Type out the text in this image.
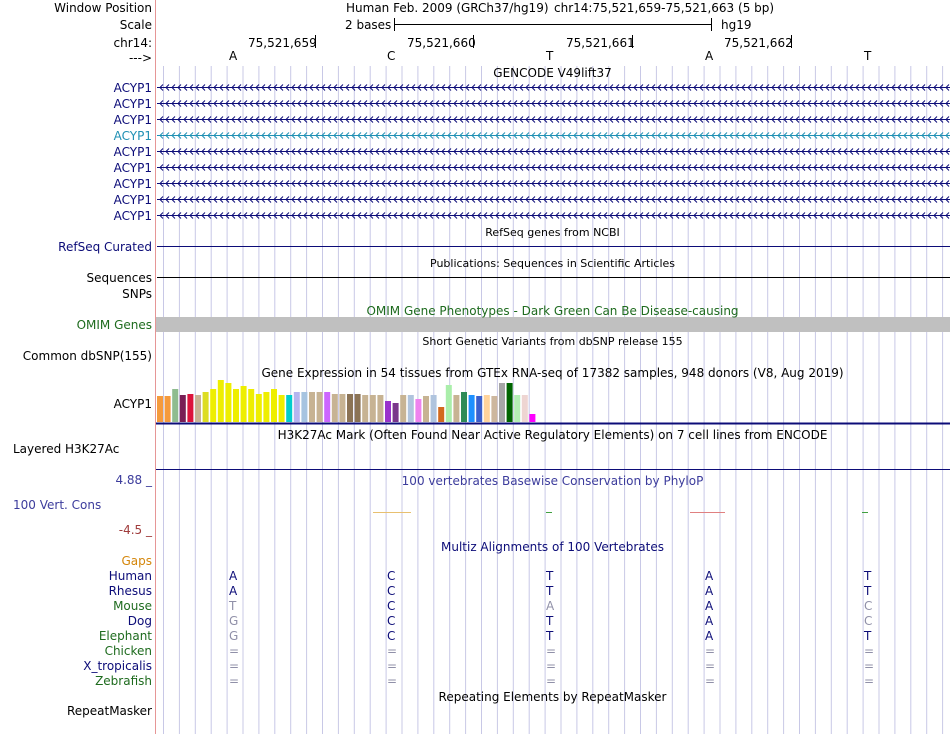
Window Position	Human Feb. 2009 (GRCh37/hg19) chr14:75,521,659-75,521,663 (5 bp)
Scale	2 bases	hg19
chr14:	75,521,659	75,521,660	75,521,661	75,521,662
--->	A	C	T	A	T
GENCODE V49lift37
ACYP1
ACYP1
ACYP1
ACYP1
ACYP1
ACYP1
ACYP1
ACYP1
ACYP1
RefSeq genes from NCBI
RefSeq Curated
Publications: Sequences in Scientific Articles
Sequences
SNPs
OMIM Gene Phenotypes - Dark Green Can Be Disease-causing
OMIM Genes
Short Genetic Variants from dbSNP release 155
Common dbSNP(155)
Gene Expression in 54 tissues from GTEx RNA-seq of 17382 samples, 948 donors (V8, Aug 2019)
ACYP1
H3K27Ac Mark (Often Found Near Active Regulatory Elements) on 7 cell lines from ENCODE
Layered H3K27Ac
4.88 _	100 vertebrates Basewise Conservation by PhyloP
100 Vert. Cons
-4.5 _
Multiz Alignments of 100 Vertebrates
Gaps
Human	A	C	T	A	T
Rhesus	A	C	T	A	T
Mouse	T	C	A	A	C
Dog	G	C	T	A	C
Elephant	G	C	T	A	T
Chicken	=	=	=	=	=
X_tropicalis	=	=	=	=	=
Zebrafish	=	=	=	=	=
Repeating Elements by RepeatMasker
RepeatMasker
